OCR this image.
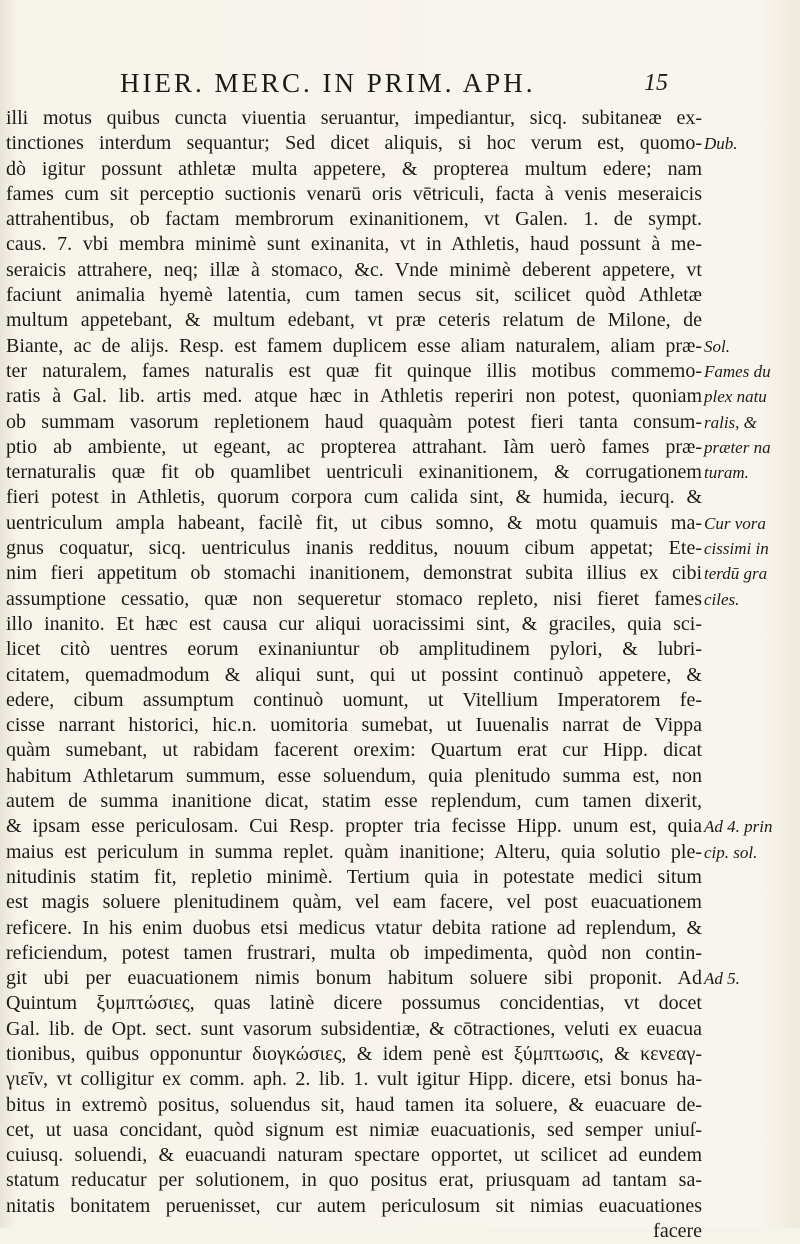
HIER. MERC. IN PRIM. APH.	15
illi motus quibus cuncta viuentia seruantur, impediantur, sicq. subitaneæ ex-
tinctiones interdum sequantur; Sed dicet aliquis, si hoc verum est, quomo-
dò igitur possunt athletæ multa appetere, & propterea multum edere; nam
fames cum sit perceptio suctionis venarū oris vētriculi, facta à venis meseraicis
attrahentibus, ob factam membrorum exinanitionem, vt Galen. 1. de sympt.
caus. 7. vbi membra minimè sunt exinanita, vt in Athletis, haud possunt à me-
seraicis attrahere, neq; illæ à stomaco, &c. Vnde minimè deberent appetere, vt
faciunt animalia hyemè latentia, cum tamen secus sit, scilicet quòd Athletæ
multum appetebant, & multum edebant, vt præ ceteris relatum de Milone, de
Biante, ac de alijs. Resp. est famem duplicem esse aliam naturalem, aliam præ-
ter naturalem, fames naturalis est quæ fit quinque illis motibus commemo-
ratis à Gal. lib. artis med. atque hæc in Athletis reperiri non potest, quoniam
ob summam vasorum repletionem haud quaquàm potest fieri tanta consum-
ptio ab ambiente, ut egeant, ac propterea attrahant. Iàm uerò fames præ-
ternaturalis quæ fit ob quamlibet uentriculi exinanitionem, & corrugationem
fieri potest in Athletis, quorum corpora cum calida sint, & humida, iecurq. &
uentriculum ampla habeant, facilè fit, ut cibus somno, & motu quamuis ma-
gnus coquatur, sicq. uentriculus inanis redditus, nouum cibum appetat; Ete-
nim fieri appetitum ob stomachi inanitionem, demonstrat subita illius ex cibi
assumptione cessatio, quæ non sequeretur stomaco repleto, nisi fieret fames
illo inanito. Et hæc est causa cur aliqui uoracissimi sint, & graciles, quia sci-
licet citò uentres eorum exinaniuntur ob amplitudinem pylori, & lubri-
citatem, quemadmodum & aliqui sunt, qui ut possint continuò appetere, &
edere, cibum assumptum continuò uomunt, ut Vitellium Imperatorem fe-
cisse narrant historici, hic.n. uomitoria sumebat, ut Iuuenalis narrat de Vippa
quàm sumebant, ut rabidam facerent orexim: Quartum erat cur Hipp. dicat
habitum Athletarum summum, esse soluendum, quia plenitudo summa est, non
autem de summa inanitione dicat, statim esse replendum, cum tamen dixerit,
& ipsam esse periculosam. Cui Resp. propter tria fecisse Hipp. unum est, quia
maius est periculum in summa replet. quàm inanitione; Alteru, quia solutio ple-
nitudinis statim fit, repletio minimè. Tertium quia in potestate medici situm
est magis soluere plenitudinem quàm, vel eam facere, vel post euacuationem
reficere. In his enim duobus etsi medicus vtatur debita ratione ad replendum, &
reficiendum, potest tamen frustrari, multa ob impedimenta, quòd non contin-
git ubi per euacuationem nimis bonum habitum soluere sibi proponit. Ad
Quintum ξυμπτώσιες, quas latinè dicere possumus concidentias, vt docet
Gal. lib. de Opt. sect. sunt vasorum subsidentiæ, & cōtractiones, veluti ex euacua
tionibus, quibus opponuntur διογκώσιες, & idem penè est ξύμπτωσις, & κενεαγ-
γιεῖν, vt colligitur ex comm. aph. 2. lib. 1. vult igitur Hipp. dicere, etsi bonus ha-
bitus in extremò positus, soluendus sit, haud tamen ita soluere, & euacuare de-
cet, ut uasa concidant, quòd signum est nimiæ euacuationis, sed semper uniuſ-
cuiusq. soluendi, & euacuandi naturam spectare opportet, ut scilicet ad eundem
statum reducatur per solutionem, in quo positus erat, priusquam ad tantam sa-
nitatis bonitatem peruenisset, cur autem periculosum sit nimias euacuationes
facere
Dub.
Sol.
Fames du
plex natu
ralis, &
præter na
turam.
Cur vora
cissimi in
terdū gra
ciles.
Ad 4. prin
cip. sol.
Ad 5.
